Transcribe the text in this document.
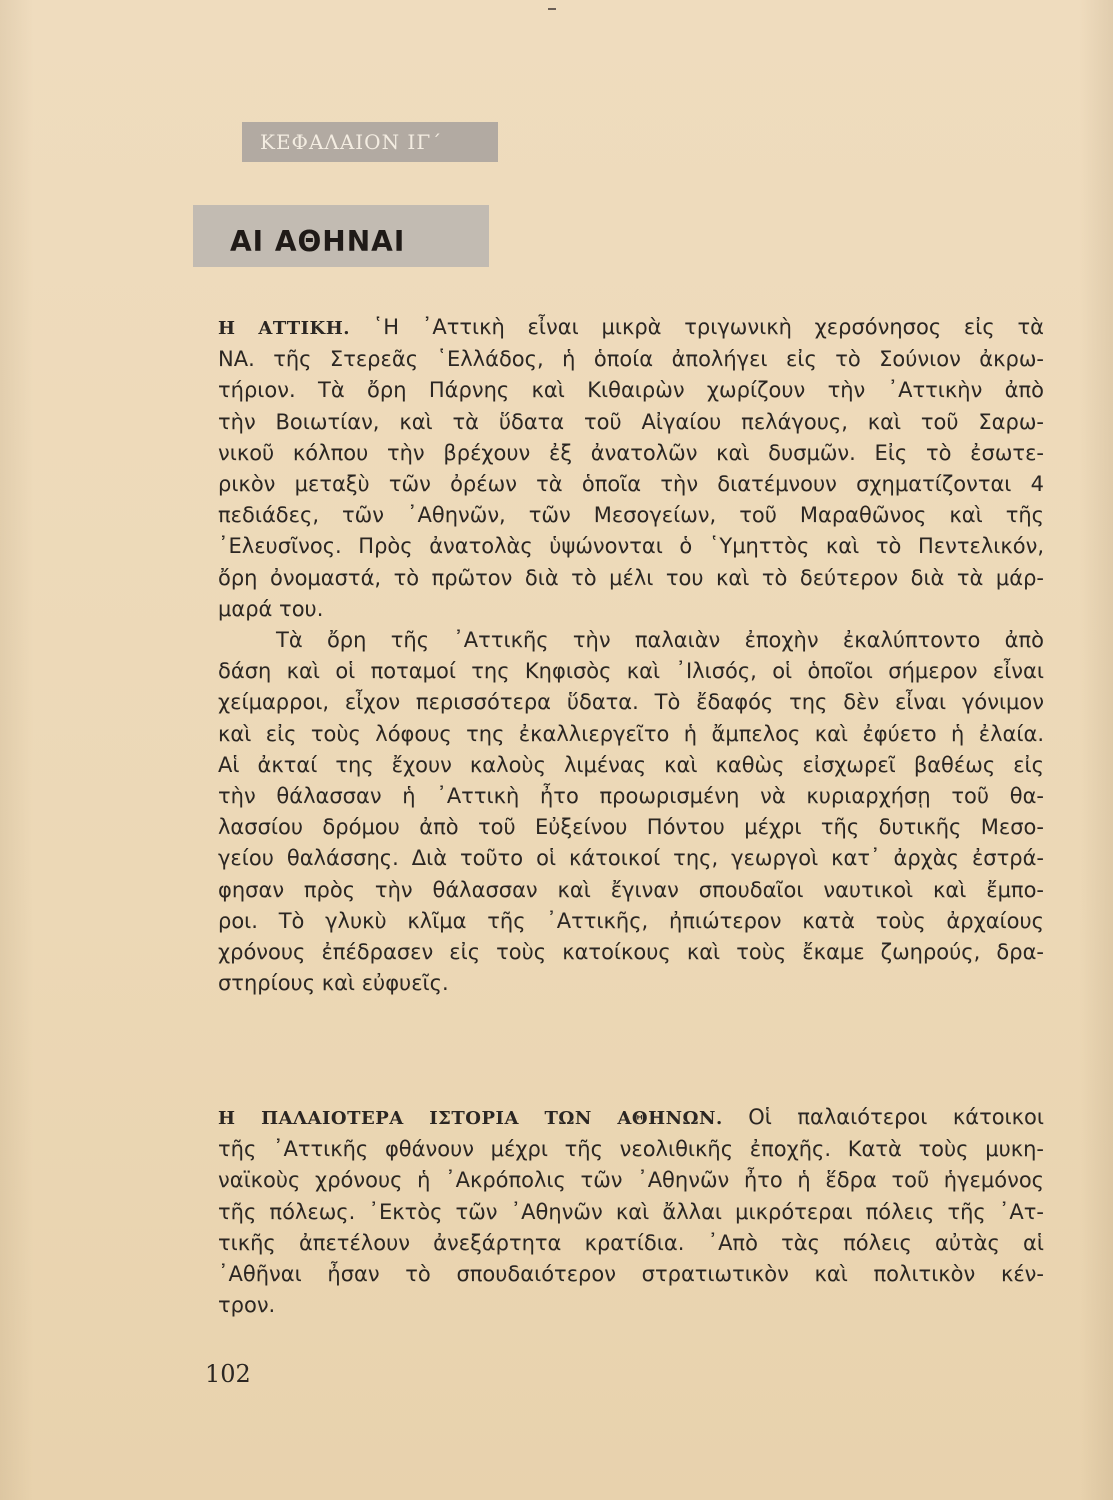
ΚΕΦΑΛΑΙΟΝ ΙΓ΄
ΑΙ ΑΘΗΝΑΙ
Η ΑΤΤΙΚΗ. ῾Η ᾽Αττικὴ εἶναι μικρὰ τριγωνικὴ χερσόνησος εἰς τὰ
ΝΑ. τῆς Στερεᾶς ῾Ελλάδος, ἡ ὁποία ἀπολήγει εἰς τὸ Σούνιον ἀκρω-
τήριον. Τὰ ὄρη Πάρνης καὶ Κιθαιρὼν χωρίζουν τὴν ᾽Αττικὴν ἀπὸ
τὴν Βοιωτίαν, καὶ τὰ ὕδατα τοῦ Αἰγαίου πελάγους, καὶ τοῦ Σαρω-
νικοῦ κόλπου τὴν βρέχουν ἐξ ἀνατολῶν καὶ δυσμῶν. Εἰς τὸ ἐσωτε-
ρικὸν μεταξὺ τῶν ὀρέων τὰ ὁποῖα τὴν διατέμνουν σχηματίζονται 4
πεδιάδες, τῶν ᾽Αθηνῶν, τῶν Μεσογείων, τοῦ Μαραθῶνος καὶ τῆς
᾽Ελευσῖνος. Πρὸς ἀνατολὰς ὑψώνονται ὁ ῾Υμηττὸς καὶ τὸ Πεντελικόν,
ὄρη ὀνομαστά, τὸ πρῶτον διὰ τὸ μέλι του καὶ τὸ δεύτερον διὰ τὰ μάρ-
μαρά του.
Τὰ ὄρη τῆς ᾽Αττικῆς τὴν παλαιὰν ἐποχὴν ἐκαλύπτοντο ἀπὸ
δάση καὶ οἱ ποταμοί της Κηφισὸς καὶ ᾽Ιλισός, οἱ ὁποῖοι σήμερον εἶναι
χείμαρροι, εἶχον περισσότερα ὕδατα. Τὸ ἔδαφός της δὲν εἶναι γόνιμον
καὶ εἰς τοὺς λόφους της ἐκαλλιεργεῖτο ἡ ἄμπελος καὶ ἐφύετο ἡ ἐλαία.
Αἱ ἀκταί της ἔχουν καλοὺς λιμένας καὶ καθὼς εἰσχωρεῖ βαθέως εἰς
τὴν θάλασσαν ἡ ᾽Αττικὴ ἦτο προωρισμένη νὰ κυριαρχήσῃ τοῦ θα-
λασσίου δρόμου ἀπὸ τοῦ Εὐξείνου Πόντου μέχρι τῆς δυτικῆς Μεσο-
γείου θαλάσσης. Διὰ τοῦτο οἱ κάτοικοί της, γεωργοὶ κατ᾽ ἀρχὰς ἐστρά-
φησαν πρὸς τὴν θάλασσαν καὶ ἔγιναν σπουδαῖοι ναυτικοὶ καὶ ἔμπο-
ροι. Τὸ γλυκὺ κλῖμα τῆς ᾽Αττικῆς, ἠπιώτερον κατὰ τοὺς ἀρχαίους
χρόνους ἐπέδρασεν εἰς τοὺς κατοίκους καὶ τοὺς ἔκαμε ζωηρούς, δρα-
στηρίους καὶ εὐφυεῖς.
Η ΠΑΛΑΙΟΤΕΡΑ ΙΣΤΟΡΙΑ ΤΩΝ ΑΘΗΝΩΝ. Οἱ παλαιότεροι κάτοικοι
τῆς ᾽Αττικῆς φθάνουν μέχρι τῆς νεολιθικῆς ἐποχῆς. Κατὰ τοὺς μυκη-
ναϊκοὺς χρόνους ἡ ᾽Ακρόπολις τῶν ᾽Αθηνῶν ἦτο ἡ ἕδρα τοῦ ἡγεμόνος
τῆς πόλεως. ᾽Εκτὸς τῶν ᾽Αθηνῶν καὶ ἄλλαι μικρότεραι πόλεις τῆς ᾽Ατ-
τικῆς ἀπετέλουν ἀνεξάρτητα κρατίδια. ᾽Απὸ τὰς πόλεις αὐτὰς αἱ
᾽Αθῆναι ἦσαν τὸ σπουδαιότερον στρατιωτικὸν καὶ πολιτικὸν κέν-
τρον.
102
